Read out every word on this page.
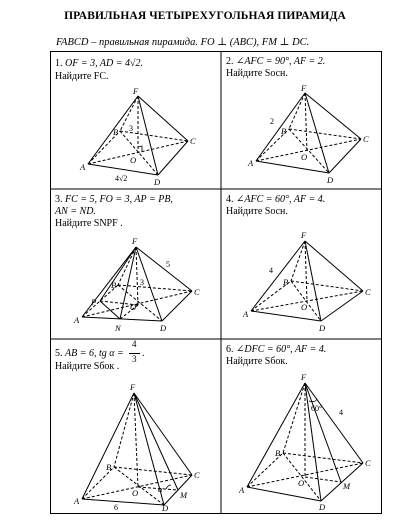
ПРАВИЛЬНАЯ ЧЕТЫРЕХУГОЛЬНАЯ ПИРАМИДА
FABCD – правильная пирамида. FO ⊥ (ABC), FM ⊥ DC.
1. OF = 3, AD = 4√2.
Найдите FC.
F
A
B
C
D
O
3
4√2
2. ∠AFC = 90°, AF = 2.
Найдите Sосн.
F
A
B
C
D
O
2
3. FC = 5, FO = 3, AP = PB,
AN = ND.
Найдите SNPF .
F
A
B
C
D
O
P
N
5
3
4. ∠AFC = 60°, AF = 4.
Найдите Sосн.
F
A
B
C
D
O
4
4
3
5. AB = 6, tg α = .
Найдите Sбок .
F
A
B
C
D
O	M
α
6
6. ∠DFC = 60°, AF = 4.
Найдите Sбок.
F
A
B
C
D
O	M
60° 4
